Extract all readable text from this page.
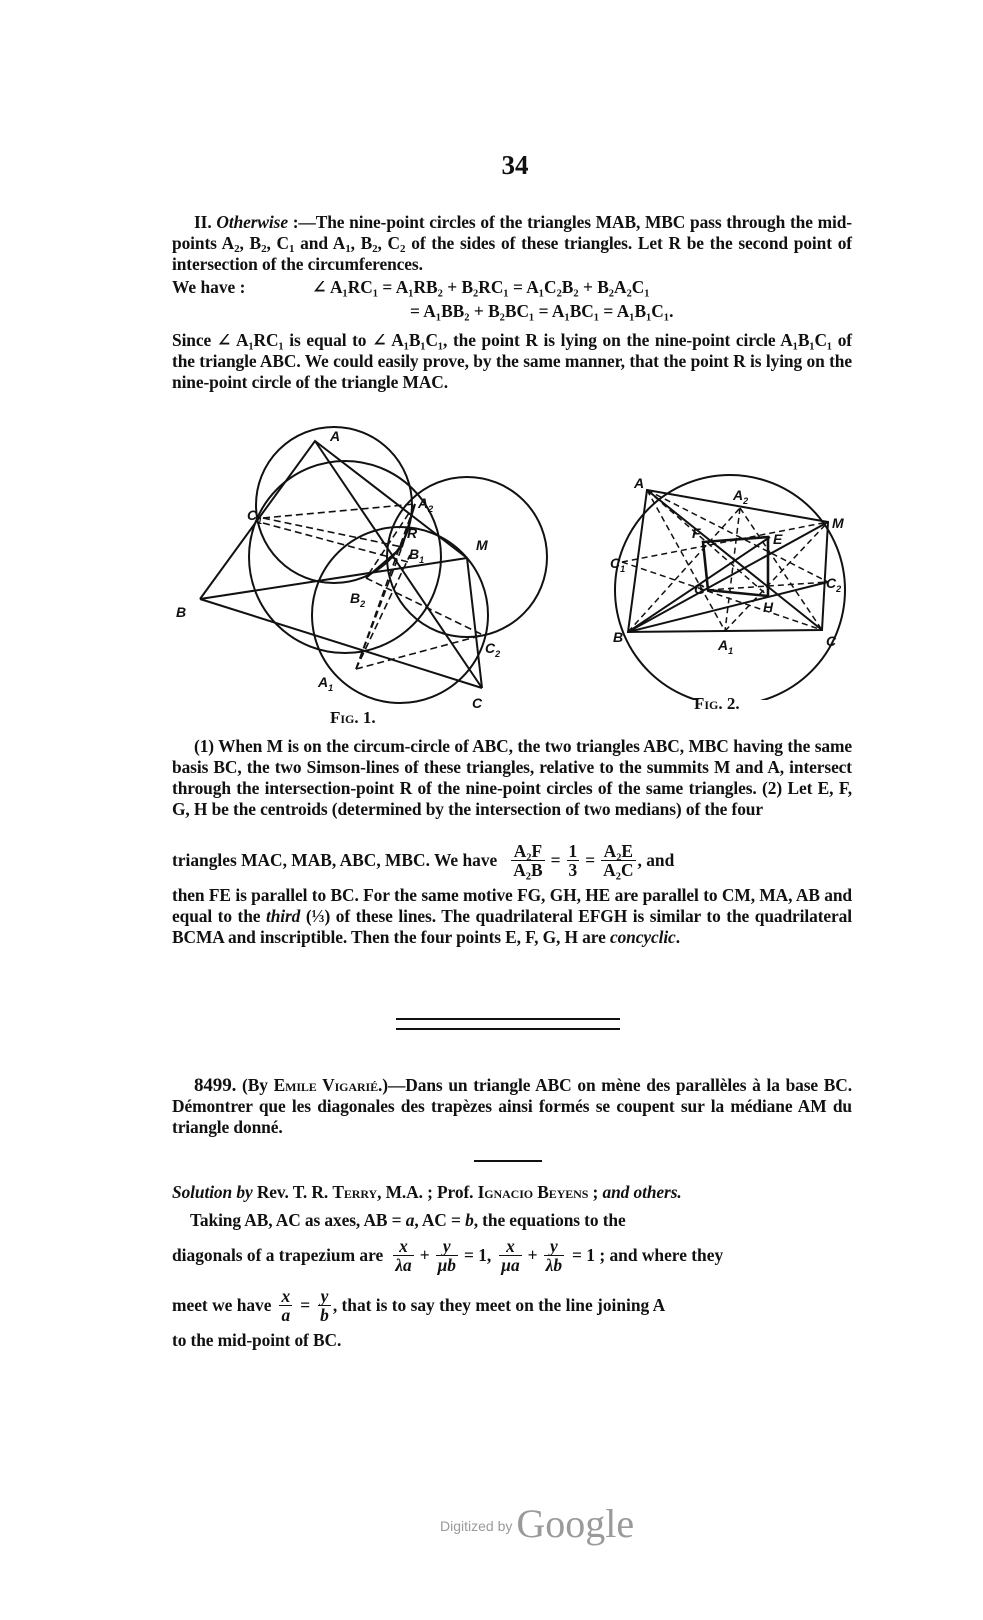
34
II. Otherwise :—The nine-point circles of the triangles MAB, MBC pass through the mid-points $A_2$, $B_2$, $C_1$ and $A_1$, $B_2$, $C_2$ of the sides of these triangles. Let R be the second point of intersection of the circumferences.
We have :	∠ A₁RC₁ = A₁RB₂ + B₂RC₁ = A₁C₂B₂ + B₂A₂C₁
= A₁BB₂ + B₂BC₁ = A₁BC₁ = A₁B₁C₁.
Since ∠ A₁RC₁ is equal to ∠ A₁B₁C₁, the point R is lying on the nine-point circle A₁B₁C₁ of the triangle ABC. We could easily prove, by the same manner, that the point R is lying on the nine-point circle of the triangle MAC.
A
$C_1$
$A_2$
R
M
B
$B_1$
$B_2$
$C_2$
$A_1$
C
Fig. 1.
A
$A_2$
M
$C_1$
F	E
G
H
$C_2$
B	$A_1$
C
Fig. 2.
(1) When M is on the circum-circle of ABC, the two triangles ABC, MBC having the same basis BC, the two Simson-lines of these triangles, relative to the summits M and A, intersect through the intersection-point R of the nine-point circles of the same triangles. (2) Let E, F, G, H be the centroids (determined by the intersection of two medians) of the four
triangles MAC, MAB, ABC, MBC. We have $\frac{\text{A₂F}}{\text{A₂B}} = \frac{1}{3} = \frac{\text{A₂E}}{\text{A₂C}}$ , and
then FE is parallel to BC. For the same motive FG, GH, HE are parallel to CM, MA, AB and equal to the third (⅓) of these lines. The quadrilateral EFGH is similar to the quadrilateral BCMA and inscriptible. Then the four points E, F, G, H are concyclic.
8499. (By Emile Vigarié.)—Dans un triangle ABC on mène des parallèles à la base BC. Démontrer que les diagonales des trapèzes ainsi formés se coupent sur la médiane AM du triangle donné.
Solution by Rev. T. R. Terry, M.A. ; Prof. Ignacio Beyens ; and others.
Taking AB, AC as axes, AB = a, AC = b, the equations to the
diagonals of a trapezium are $\frac{x}{\lambda a} + \frac{y}{\mu b} = 1$, $\frac{x}{\mu a} + \frac{y}{\lambda b} = 1$ ; and where they
meet we have $\frac{x}{a} = \frac{y}{b}$ , that is to say they meet on the line joining A
to the mid-point of BC.
Digitized by Google
